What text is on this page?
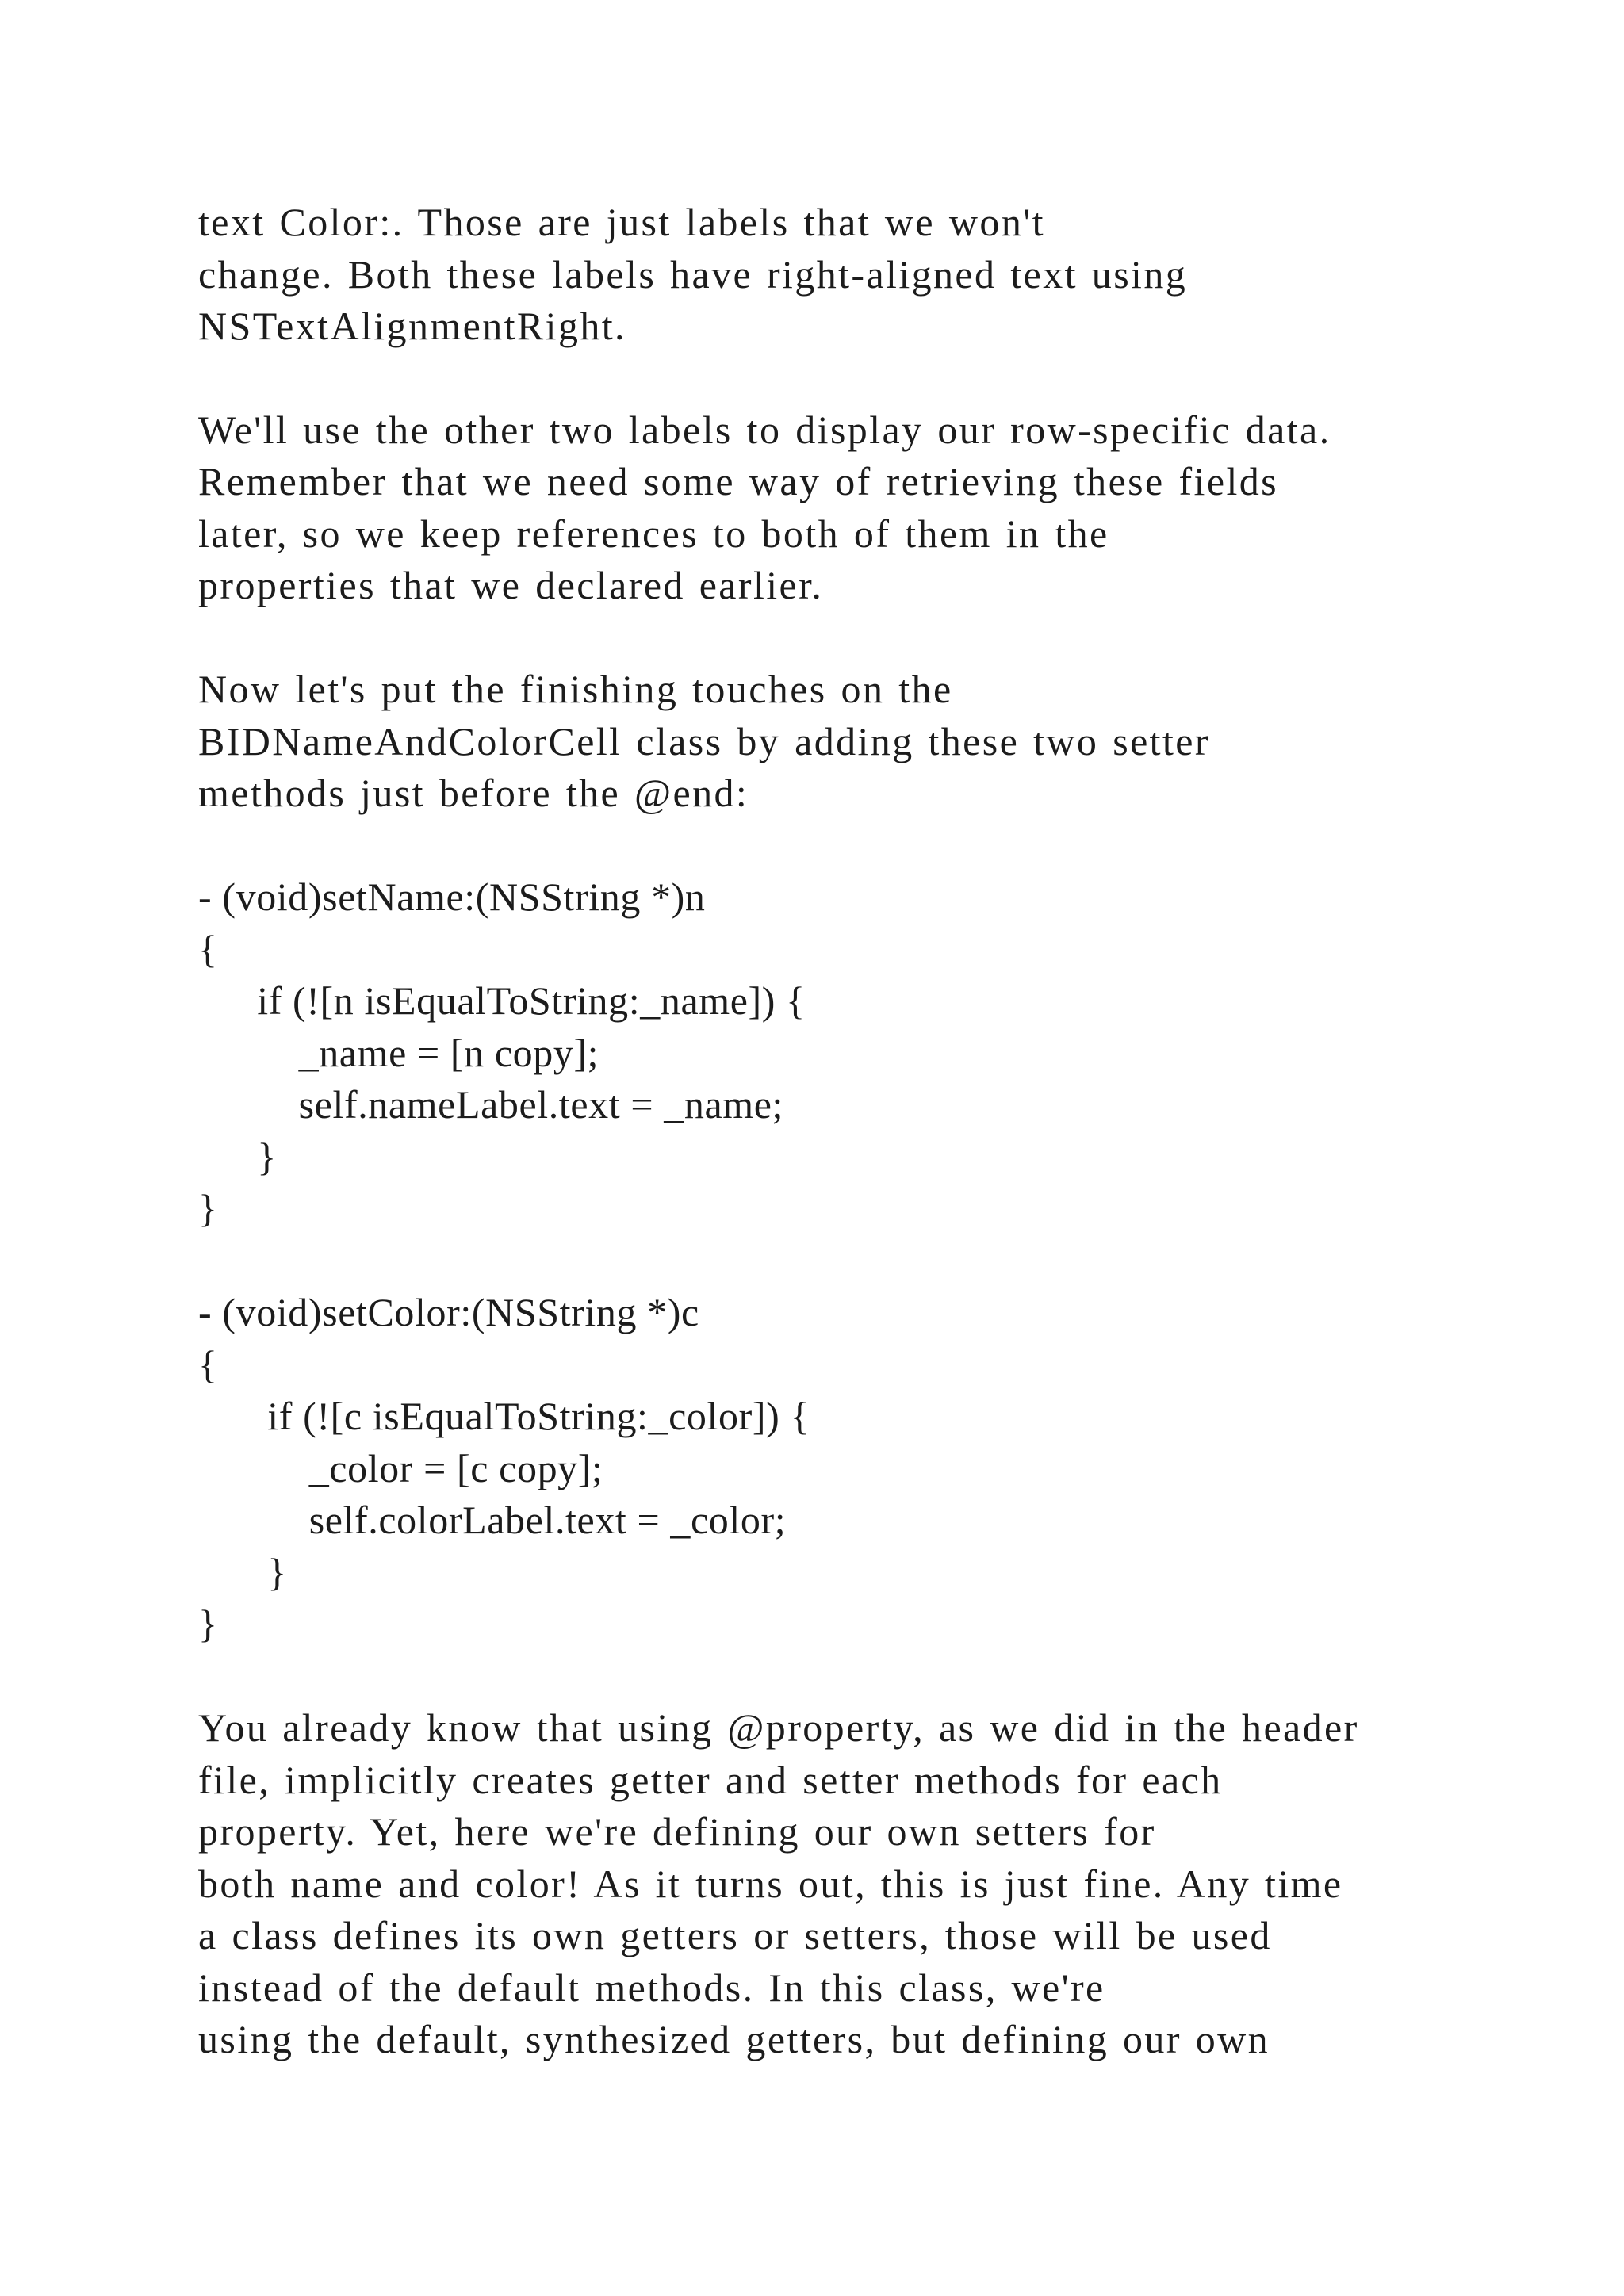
text Color:. Those are just labels that we won't

change. Both these labels have right-aligned text using

NSTextAlignmentRight.

We'll use the other two labels to display our row-specific data.

Remember that we need some way of retrieving these fields

later, so we keep references to both of them in the

properties that we declared earlier.

Now let's put the finishing touches on the

BIDNameAndColorCell class by adding these two setter

methods just before the @end:

- (void)setName:(NSString *)n

{

if (![n isEqualToString:_name]) {

_name = [n copy];

self.nameLabel.text = _name;

}

}

- (void)setColor:(NSString *)c

{

if (![c isEqualToString:_color]) {

_color = [c copy];

self.colorLabel.text = _color;

}

}

You already know that using @property, as we did in the header

file, implicitly creates getter and setter methods for each

property. Yet, here we're defining our own setters for

both name and color! As it turns out, this is just fine. Any time

a class defines its own getters or setters, those will be used

instead of the default methods. In this class, we're

using the default, synthesized getters, but defining our own
